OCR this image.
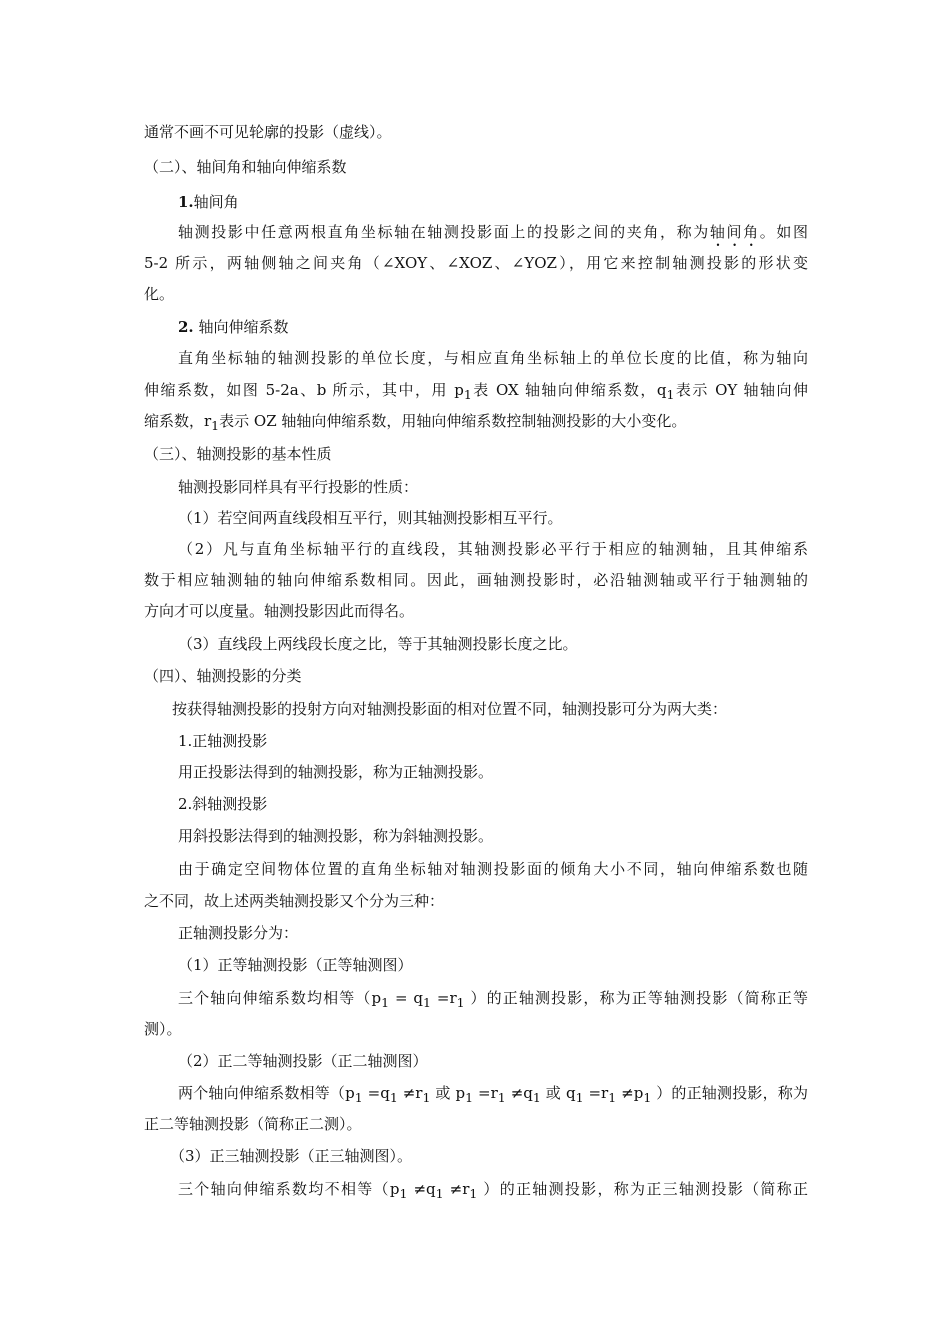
通常不画不可见轮廓的投影（虚线）。

（二）、轴间角和轴向伸缩系数

1.轴间角

轴测投影中任意两根直角坐标轴在轴测投影面上的投影之间的夹角，称为轴间角。如图

5-2 所示，两轴侧轴之间夹角（∠XOY、∠XOZ、∠YOZ），用它来控制轴测投影的形状变

化。

2. 轴向伸缩系数

直角坐标轴的轴测投影的单位长度，与相应直角坐标轴上的单位长度的比值，称为轴向

伸缩系数，如图 5-2a、b 所示，其中，用 $p_1$表 OX 轴轴向伸缩系数，$q_1$表示 OY 轴轴向伸

缩系数，$r_1$表示 OZ 轴轴向伸缩系数，用轴向伸缩系数控制轴测投影的大小变化。

（三）、轴测投影的基本性质

轴测投影同样具有平行投影的性质：

（1）若空间两直线段相互平行，则其轴测投影相互平行。

（2）凡与直角坐标轴平行的直线段，其轴测投影必平行于相应的轴测轴，且其伸缩系

数于相应轴测轴的轴向伸缩系数相同。因此，画轴测投影时，必沿轴测轴或平行于轴测轴的

方向才可以度量。轴测投影因此而得名。

（3）直线段上两线段长度之比，等于其轴测投影长度之比。

（四）、轴测投影的分类

按获得轴测投影的投射方向对轴测投影面的相对位置不同，轴测投影可分为两大类：

1.正轴测投影

用正投影法得到的轴测投影，称为正轴测投影。

2.斜轴测投影

用斜投影法得到的轴测投影，称为斜轴测投影。

由于确定空间物体位置的直角坐标轴对轴测投影面的倾角大小不同，轴向伸缩系数也随

之不同，故上述两类轴测投影又个分为三种：

正轴测投影分为：

（1）正等轴测投影（正等轴测图）

三个轴向伸缩系数均相等（$p_1 = q_1 =r_1$ ）的正轴测投影，称为正等轴测投影（简称正等

测）。

（2）正二等轴测投影（正二轴测图）

两个轴向伸缩系数相等（$p_1 =q_1 \ne r_1$ 或 $p_1 =r_1 \ne q_1$ 或 $q_1 =r_1 \ne p_1$ ）的正轴测投影，称为

正二等轴测投影（简称正二测）。

（3）正三轴测投影（正三轴测图）。

三个轴向伸缩系数均不相等（$p_1 \ne q_1 \ne r_1$ ）的正轴测投影，称为正三轴测投影（简称正
